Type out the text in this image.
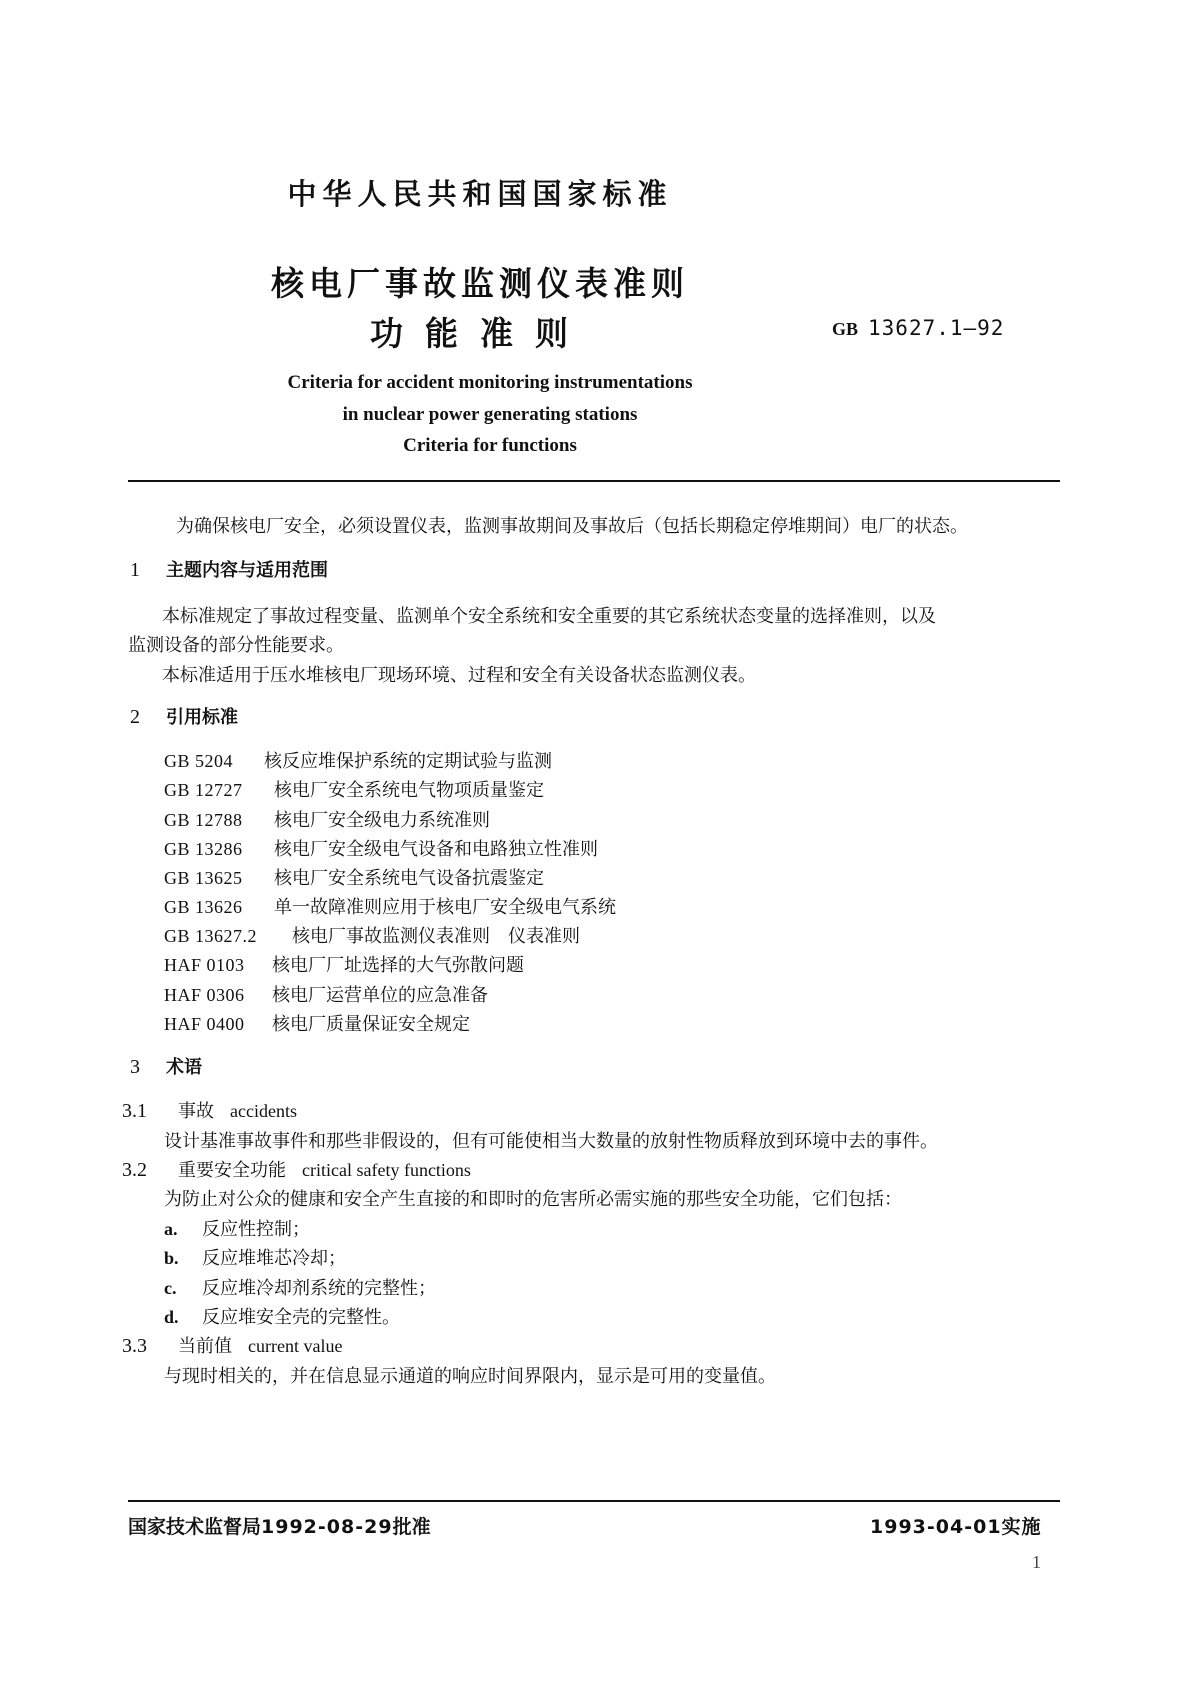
中华人民共和国国家标准
核电厂事故监测仪表准则
功能准则	GB 13627.1—92
Criteria for accident monitoring instrumentations
in nuclear power generating stations
Criteria for functions
为确保核电厂安全，必须设置仪表，监测事故期间及事故后（包括长期稳定停堆期间）电厂的状态。
1 主题内容与适用范围
本标准规定了事故过程变量、监测单个安全系统和安全重要的其它系统状态变量的选择准则，以及
监测设备的部分性能要求。
本标准适用于压水堆核电厂现场环境、过程和安全有关设备状态监测仪表。
2 引用标准
GB 5204 核反应堆保护系统的定期试验与监测
GB 12727 核电厂安全系统电气物项质量鉴定
GB 12788 核电厂安全级电力系统准则
GB 13286 核电厂安全级电气设备和电路独立性准则
GB 13625 核电厂安全系统电气设备抗震鉴定
GB 13626 单一故障准则应用于核电厂安全级电气系统
GB 13627.2 核电厂事故监测仪表准则　仪表准则
HAF 0103 核电厂厂址选择的大气弥散问题
HAF 0306 核电厂运营单位的应急准备
HAF 0400 核电厂质量保证安全规定
3 术语
3.1 事故 accidents
设计基准事故事件和那些非假设的，但有可能使相当大数量的放射性物质释放到环境中去的事件。
3.2 重要安全功能 critical safety functions
为防止对公众的健康和安全产生直接的和即时的危害所必需实施的那些安全功能，它们包括：
a. 反应性控制；
b. 反应堆堆芯冷却；
c. 反应堆冷却剂系统的完整性；
d. 反应堆安全壳的完整性。
3.3 当前值 current value
与现时相关的，并在信息显示通道的响应时间界限内，显示是可用的变量值。
国家技术监督局1992-08-29批准	1993-04-01实施
1
